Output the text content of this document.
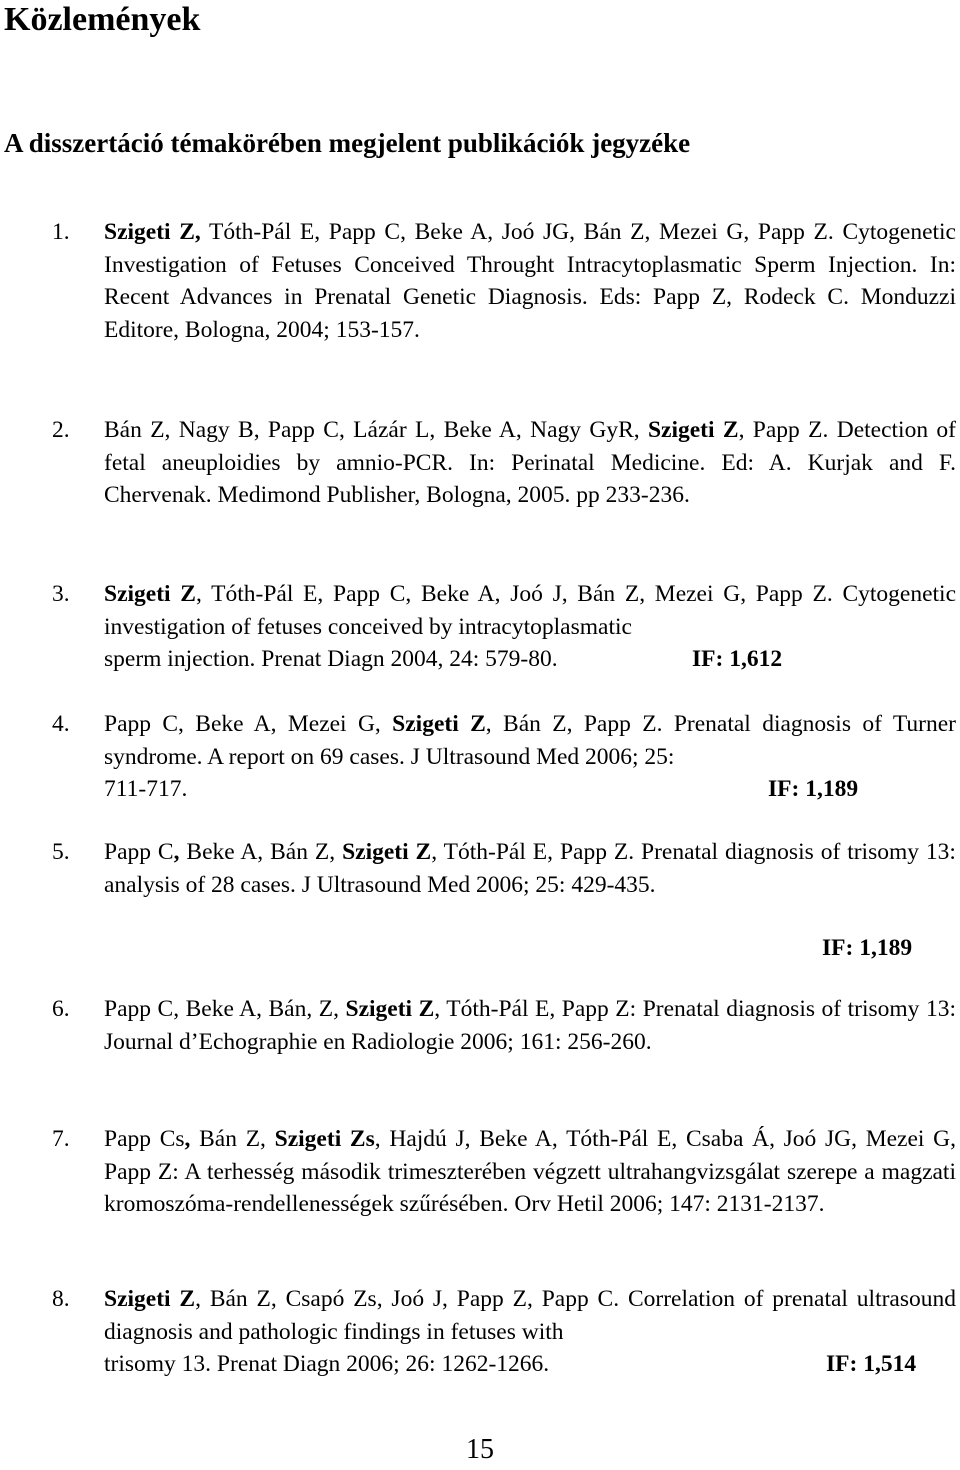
Közlemények
A disszertáció témakörében megjelent publikációk jegyzéke
1. Szigeti Z, Tóth-Pál E, Papp C, Beke A, Joó JG, Bán Z, Mezei G, Papp Z. Cytogenetic Investigation of Fetuses Conceived Throught Intracytoplasmatic Sperm Injection. In: Recent Advances in Prenatal Genetic Diagnosis. Eds: Papp Z, Rodeck C. Monduzzi Editore, Bologna, 2004; 153-157.
2. Bán Z, Nagy B, Papp C, Lázár L, Beke A, Nagy GyR, Szigeti Z, Papp Z. Detection of fetal aneuploidies by amnio-PCR. In: Perinatal Medicine. Ed: A. Kurjak and F. Chervenak. Medimond Publisher, Bologna, 2005. pp 233-236.
3. Szigeti Z, Tóth-Pál E, Papp C, Beke A, Joó J, Bán Z, Mezei G, Papp Z. Cytogenetic investigation of fetuses conceived by intracytoplasmatic
sperm injection. Prenat Diagn 2004, 24: 579-80.	IF: 1,612
4. Papp C, Beke A, Mezei G, Szigeti Z, Bán Z, Papp Z. Prenatal diagnosis of Turner syndrome. A report on 69 cases. J Ultrasound Med 2006; 25:
711-717.	IF: 1,189
5. Papp C, Beke A, Bán Z, Szigeti Z, Tóth-Pál E, Papp Z. Prenatal diagnosis of trisomy 13: analysis of 28 cases. J Ultrasound Med 2006; 25: 429-435.
IF: 1,189
6. Papp C, Beke A, Bán, Z, Szigeti Z, Tóth-Pál E, Papp Z: Prenatal diagnosis of trisomy 13: Journal d’Echographie en Radiologie 2006; 161: 256-260.
7. Papp Cs, Bán Z, Szigeti Zs, Hajdú J, Beke A, Tóth-Pál E, Csaba Á, Joó JG, Mezei G, Papp Z: A terhesség második trimeszterében végzett ultrahangvizsgálat szerepe a magzati kromoszóma-rendellenességek szűrésében. Orv Hetil 2006; 147: 2131-2137.
8. Szigeti Z, Bán Z, Csapó Zs, Joó J, Papp Z, Papp C. Correlation of prenatal ultrasound diagnosis and pathologic findings in fetuses with
trisomy 13. Prenat Diagn 2006; 26: 1262-1266.	IF: 1,514
15
